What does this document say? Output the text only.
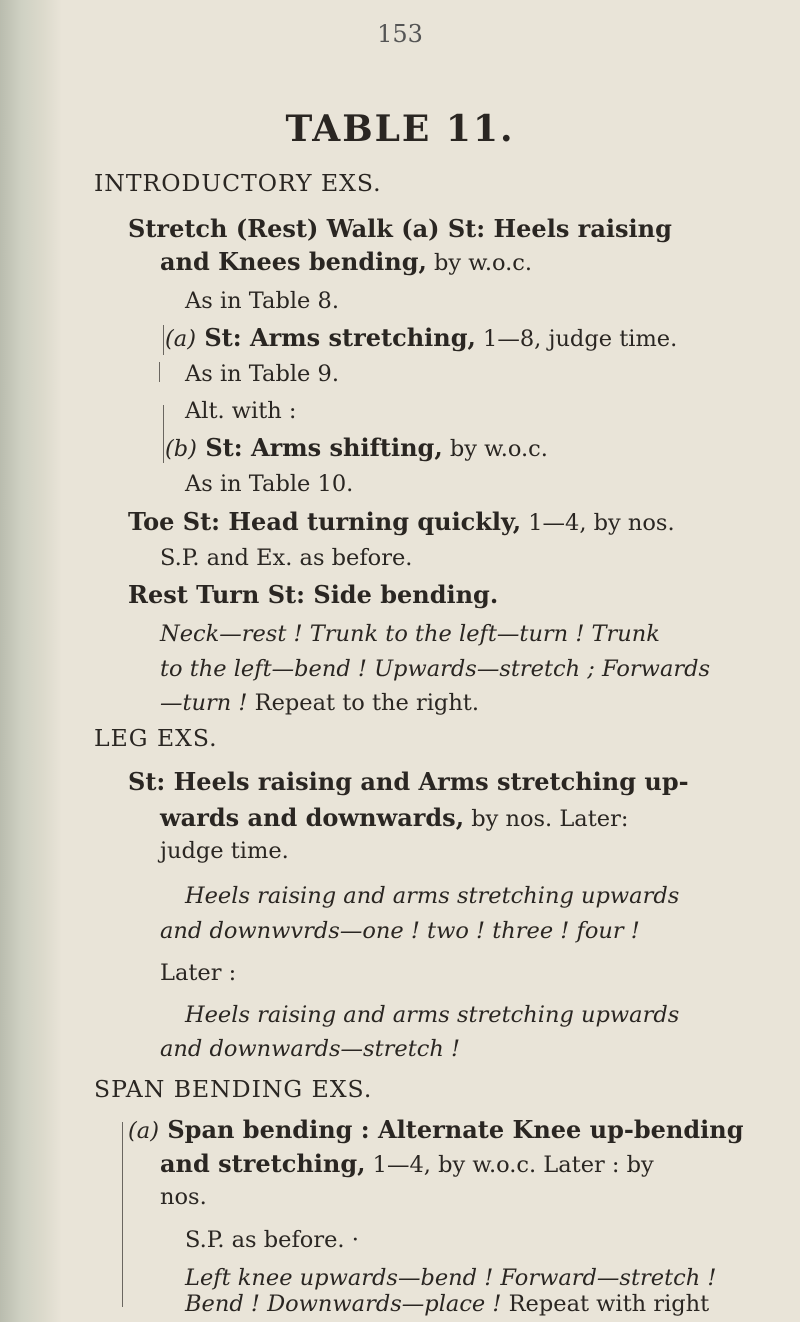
153
TABLE 11.
INTRODUCTORY EXS.
Stretch (Rest) Walk (a) St: Heels raising
and Knees bending, by w.o.c.
As in Table 8.
(a) St: Arms stretching, 1—8, judge time.
As in Table 9.
Alt. with :
(b) St: Arms shifting, by w.o.c.
As in Table 10.
Toe St: Head turning quickly, 1—4, by nos.
S.P. and Ex. as before.
Rest Turn St: Side bending.
Neck—rest ! Trunk to the left—turn ! Trunk
to the left—bend ! Upwards—stretch ; Forwards
—turn ! Repeat to the right.
LEG EXS.
St: Heels raising and Arms stretching up-
wards and downwards, by nos. Later:
judge time.
Heels raising and arms stretching upwards
and downwvrds—one ! two ! three ! four !
Later :
Heels raising and arms stretching upwards
and downwards—stretch !
SPAN BENDING EXS.
(a) Span bending : Alternate Knee up-bending
and stretching, 1—4, by w.o.c. Later : by
nos.
S.P. as before. ·
Left knee upwards—bend ! Forward—stretch !
Bend ! Downwards—place ! Repeat with right
